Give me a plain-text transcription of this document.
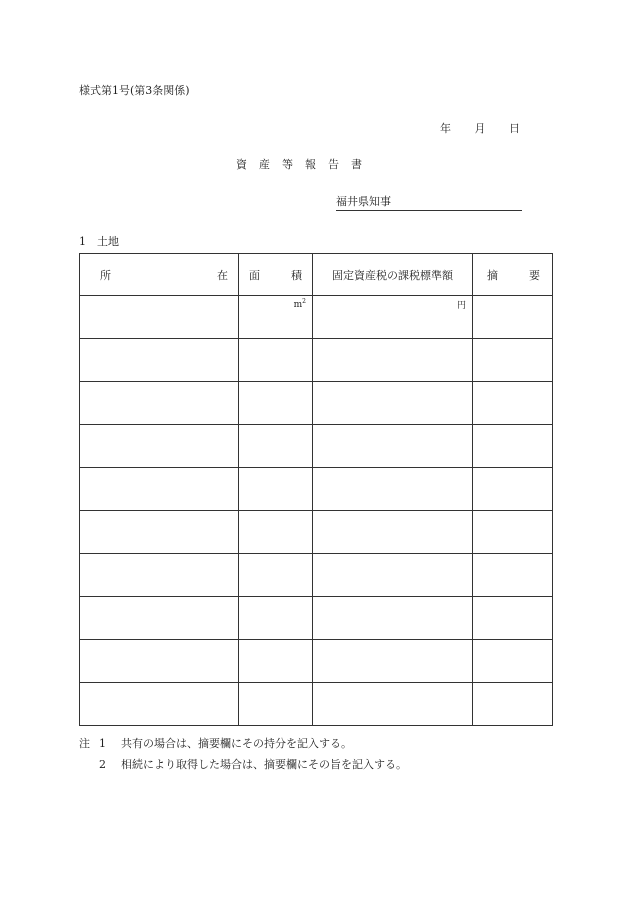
様式第1号(第3条関係)
年 月 日
資産等報告書
福井県知事
1　土地
所 在	面 積	固定資産税の課税標準額	摘 要

	$m^2$	円	

注 1	共有の場合は、摘要欄にその持分を記入する。
2	相続により取得した場合は、摘要欄にその旨を記入する。
